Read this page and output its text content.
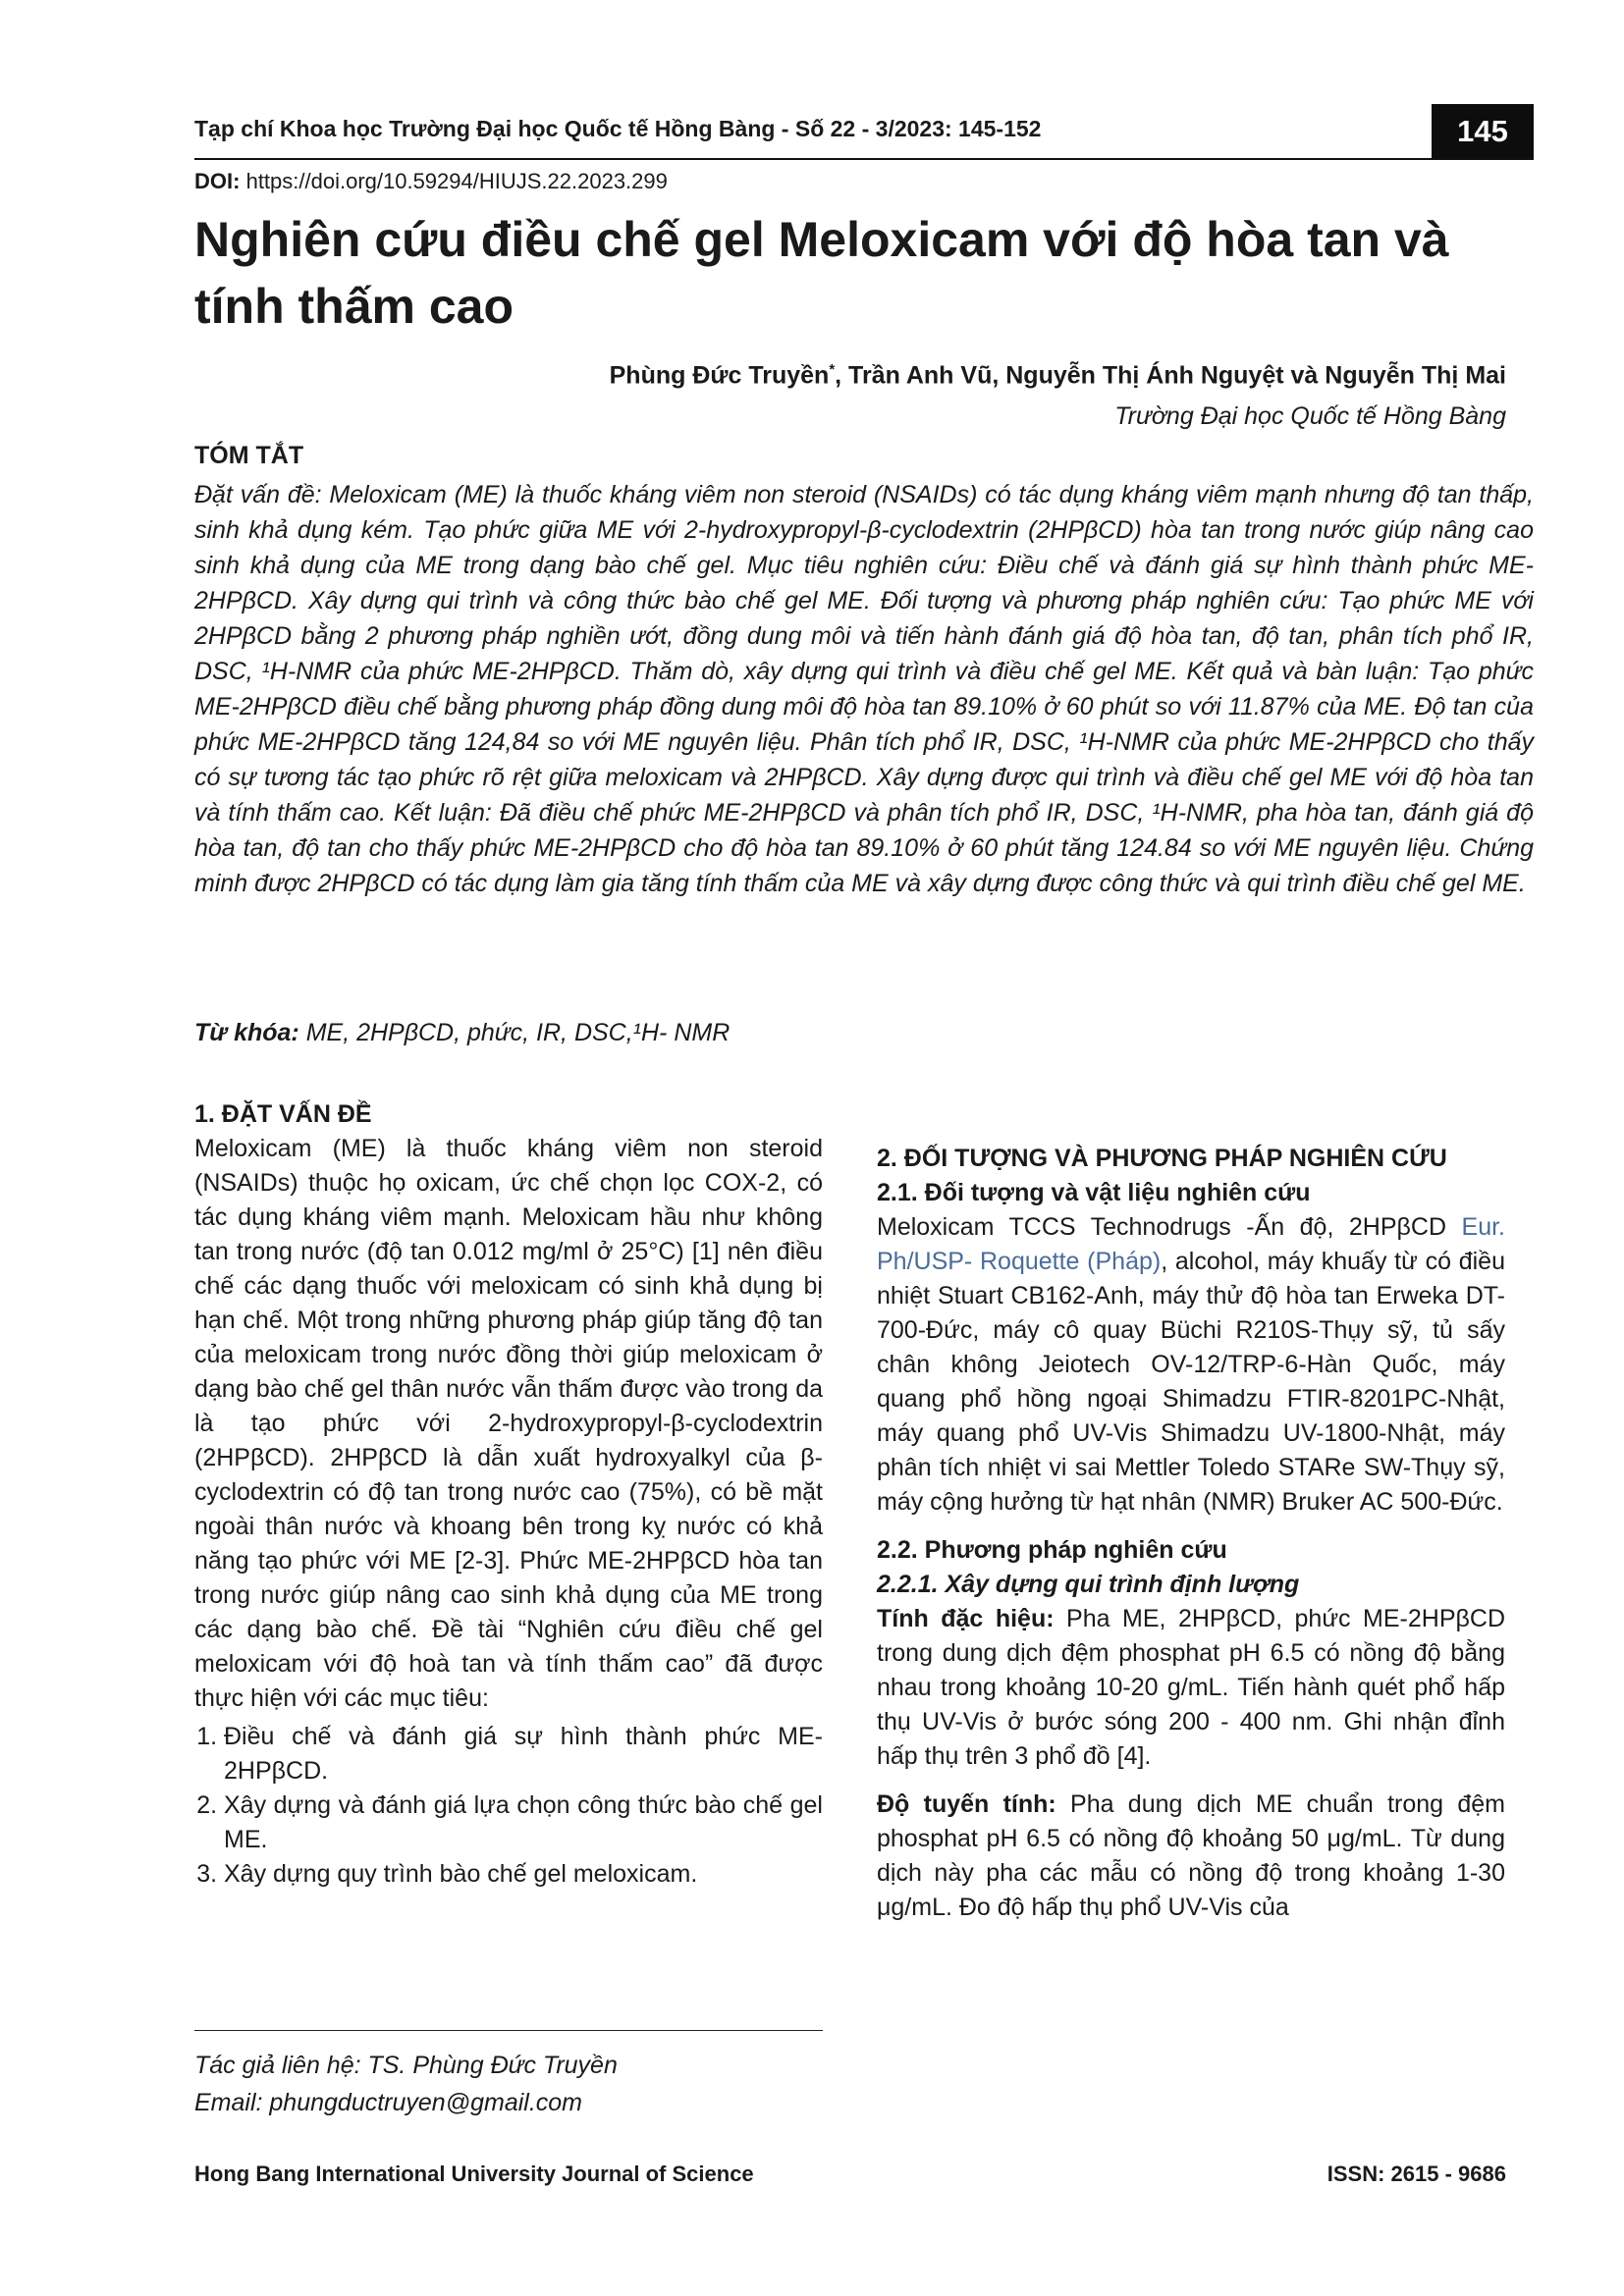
Tạp chí Khoa học Trường Đại học Quốc tế Hồng Bàng - Số 22 - 3/2023: 145-152	145
DOI: https://doi.org/10.59294/HIUJS.22.2023.299
Nghiên cứu điều chế gel Meloxicam với độ hòa tan và tính thấm cao
Phùng Đức Truyền*, Trần Anh Vũ, Nguyễn Thị Ánh Nguyệt và Nguyễn Thị Mai
Trường Đại học Quốc tế Hồng Bàng
TÓM TẮT

Đặt vấn đề: Meloxicam (ME) là thuốc kháng viêm non steroid (NSAIDs) có tác dụng kháng viêm mạnh nhưng độ tan thấp, sinh khả dụng kém. Tạo phức giữa ME với 2-hydroxypropyl-β-cyclodextrin (2HPβCD) hòa tan trong nước giúp nâng cao sinh khả dụng của ME trong dạng bào chế gel. Mục tiêu nghiên cứu: Điều chế và đánh giá sự hình thành phức ME-2HPβCD. Xây dựng qui trình và công thức bào chế gel ME. Đối tượng và phương pháp nghiên cứu: Tạo phức ME với 2HPβCD bằng 2 phương pháp nghiền ướt, đồng dung môi và tiến hành đánh giá độ hòa tan, độ tan, phân tích phổ IR, DSC, ¹H-NMR của phức ME-2HPβCD. Thăm dò, xây dựng qui trình và điều chế gel ME. Kết quả và bàn luận: Tạo phức ME-2HPβCD điều chế bằng phương pháp đồng dung môi độ hòa tan 89.10% ở 60 phút so với 11.87% của ME. Độ tan của phức ME-2HPβCD tăng 124,84 so với ME nguyên liệu. Phân tích phổ IR, DSC, ¹H-NMR của phức ME-2HPβCD cho thấy có sự tương tác tạo phức rõ rệt giữa meloxicam và 2HPβCD. Xây dựng được qui trình và điều chế gel ME với độ hòa tan và tính thấm cao. Kết luận: Đã điều chế phức ME-2HPβCD và phân tích phổ IR, DSC, ¹H-NMR, pha hòa tan, đánh giá độ hòa tan, độ tan cho thấy phức ME-2HPβCD cho độ hòa tan 89.10% ở 60 phút tăng 124.84 so với ME nguyên liệu. Chứng minh được 2HPβCD có tác dụng làm gia tăng tính thấm của ME và xây dựng được công thức và qui trình điều chế gel ME.

Từ khóa: ME, 2HPβCD, phức, IR, DSC,¹H- NMR

1. ĐẶT VẤN ĐỀ

Meloxicam (ME) là thuốc kháng viêm non steroid (NSAIDs) thuộc họ oxicam, ức chế chọn lọc COX-2, có tác dụng kháng viêm mạnh. Meloxicam hầu như không tan trong nước (độ tan 0.012 mg/ml ở 25°C) [1] nên điều chế các dạng thuốc với meloxicam có sinh khả dụng bị hạn chế. Một trong những phương pháp giúp tăng độ tan của meloxicam trong nước đồng thời giúp meloxicam ở dạng bào chế gel thân nước vẫn thấm được vào trong da là tạo phức với 2-hydroxypropyl-β-cyclodextrin (2HPβCD). 2HPβCD là dẫn xuất hydroxyalkyl của β-cyclodextrin có độ tan trong nước cao (75%), có bề mặt ngoài thân nước và khoang bên trong kỵ nước có khả năng tạo phức với ME [2-3]. Phức ME-2HPβCD hòa tan trong nước giúp nâng cao sinh khả dụng của ME trong các dạng bào chế. Đề tài “Nghiên cứu điều chế gel meloxicam với độ hoà tan và tính thấm cao” đã được thực hiện với các mục tiêu:

1. Điều chế và đánh giá sự hình thành phức ME-2HPβCD.
2. Xây dựng và đánh giá lựa chọn công thức bào chế gel ME.
3. Xây dựng quy trình bào chế gel meloxicam.
Tác giả liên hệ: TS. Phùng Đức Truyền
Email: phungductruyen@gmail.com

2. ĐỐI TƯỢNG VÀ PHƯƠNG PHÁP NGHIÊN CỨU

2.1. Đối tượng và vật liệu nghiên cứu

Meloxicam TCCS Technodrugs -Ấn độ, 2HPβCD Eur. Ph/USP- Roquette (Pháp), alcohol, máy khuấy từ có điều nhiệt Stuart CB162-Anh, máy thử độ hòa tan Erweka DT-700-Đức, máy cô quay Büchi R210S-Thụy sỹ, tủ sấy chân không Jeiotech OV-12/TRP-6-Hàn Quốc, máy quang phổ hồng ngoại Shimadzu FTIR-8201PC-Nhật, máy quang phổ UV-Vis Shimadzu UV-1800-Nhật, máy phân tích nhiệt vi sai Mettler Toledo STARe SW-Thụy sỹ, máy cộng hưởng từ hạt nhân (NMR) Bruker AC 500-Đức.

2.2. Phương pháp nghiên cứu

2.2.1. Xây dựng qui trình định lượng

Tính đặc hiệu: Pha ME, 2HPβCD, phức ME-2HPβCD trong dung dịch đệm phosphat pH 6.5 có nồng độ bằng nhau trong khoảng 10-20 g/mL. Tiến hành quét phổ hấp thụ UV-Vis ở bước sóng 200 - 400 nm. Ghi nhận đỉnh hấp thụ trên 3 phổ đồ [4].

Độ tuyến tính: Pha dung dịch ME chuẩn trong đệm phosphat pH 6.5 có nồng độ khoảng 50 μg/mL. Từ dung dịch này pha các mẫu có nồng độ trong khoảng 1-30 μg/mL. Đo độ hấp thụ phổ UV-Vis của

Hong Bang International University Journal of Science	ISSN: 2615 - 9686
